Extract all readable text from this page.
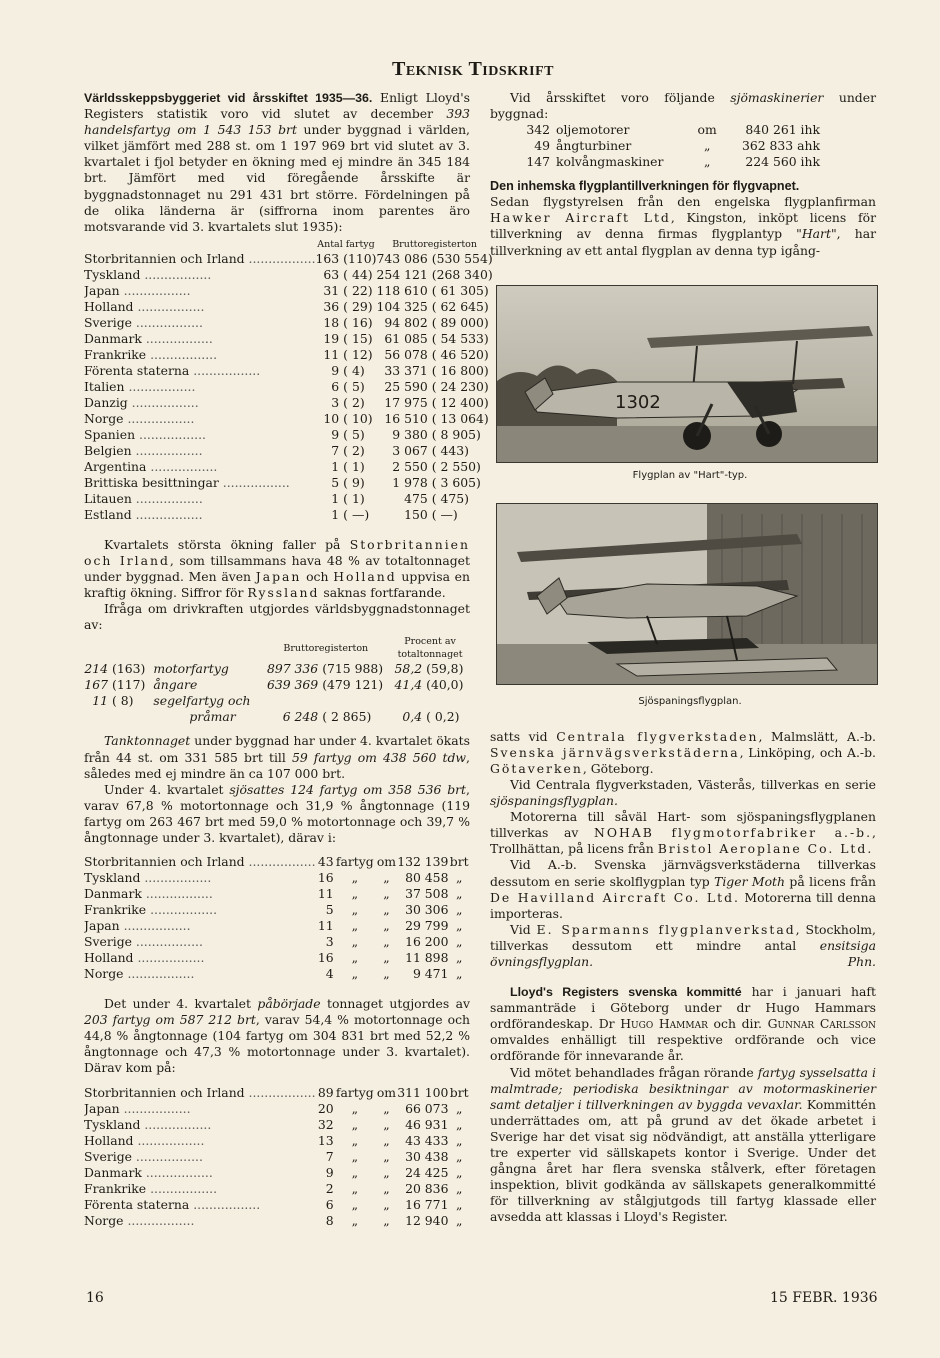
Teknisk Tidskrift

Världsskeppsbyggeriet vid årsskiftet 1935—36. Enligt Lloyd's Registers statistik voro vid slutet av december 393 handelsfartyg om 1 543 153 brt under byggnad i världen, vilket jämfört med 288 st. om 1 197 969 brt vid slutet av 3. kvartalet i fjol betyder en ökning med ej mindre än 345 184 brt. Jämfört med vid föregående årsskifte är byggnadstonnaget nu 291 431 brt större. Fördelningen på de olika länderna är (siffrorna inom parentes äro motsvarande vid 3. kvartalets slut 1935):

	Antal fartyg		Bruttoregisterton	
Storbritannien och Irland .................	163	(110)	743 086	(530 554)
Tyskland .................	63	( 44)	254 121	(268 340)
Japan .................	31	( 22)	118 610	( 61 305)
Holland .................	36	( 29)	104 325	( 62 645)
Sverige .................	18	( 16)	94 802	( 89 000)
Danmark .................	19	( 15)	61 085	( 54 533)
Frankrike .................	11	( 12)	56 078	( 46 520)
Förenta staterna .................	9	( 4)	33 371	( 16 800)
Italien .................	6	( 5)	25 590	( 24 230)
Danzig .................	3	( 2)	17 975	( 12 400)
Norge .................	10	( 10)	16 510	( 13 064)
Spanien .................	9	( 5)	9 380	( 8 905)
Belgien .................	7	( 2)	3 067	( 443)
Argentina .................	1	( 1)	2 550	( 2 550)
Brittiska besittningar .................	5	( 9)	1 978	( 3 605)
Litauen .................	1	( 1)	475	( 475)
Estland .................	1	( —)	150	( —)

Kvartalets största ökning faller på Storbritannien och Irland, som tillsammans hava 48 % av totaltonnaget under byggnad. Men även Japan och Holland uppvisa en kraftig ökning. Siffror för Ryssland saknas fortfarande.

Ifråga om drivkraften utgjordes världsbyggnadstonnaget av:

			Bruttoregisterton		Procent av totaltonnaget	
214	(163)	motorfartyg	897 336	(715 988)	58,2	(59,8)
167	(117)	ångare	639 369	(479 121)	41,4	(40,0)
11	( 8)	segelfartyg och				
		pråmar	6 248	( 2 865)	0,4	( 0,2)

Tanktonnaget under byggnad har under 4. kvartalet ökats från 44 st. om 331 585 brt till 59 fartyg om 438 560 tdw, således med ej mindre än ca 107 000 brt.

Under 4. kvartalet sjösattes 124 fartyg om 358 536 brt, varav 67,8 % motortonnage och 31,9 % ångtonnage (119 fartyg om 263 467 brt med 59,0 % motortonnage och 39,7 % ångtonnage under 3. kvartalet), därav i:

Storbritannien och Irland .................	43	fartyg	om	132 139	brt
Tyskland .................	16	„	„	80 458	„
Danmark .................	11	„	„	37 508	„
Frankrike .................	5	„	„	30 306	„
Japan .................	11	„	„	29 799	„
Sverige .................	3	„	„	16 200	„
Holland .................	16	„	„	11 898	„
Norge .................	4	„	„	9 471	„

Det under 4. kvartalet påbörjade tonnaget utgjordes av 203 fartyg om 587 212 brt, varav 54,4 % motortonnage och 44,8 % ångtonnage (104 fartyg om 304 831 brt med 52,2 % ångtonnage och 47,3 % motortonnage under 3. kvartalet). Därav kom på:

Storbritannien och Irland .................	89	fartyg	om	311 100	brt
Japan .................	20	„	„	66 073	„
Tyskland .................	32	„	„	46 931	„
Holland .................	13	„	„	43 433	„
Sverige .................	7	„	„	30 438	„
Danmark .................	9	„	„	24 425	„
Frankrike .................	2	„	„	20 836	„
Förenta staterna .................	6	„	„	16 771	„
Norge .................	8	„	„	12 940	„

Vid årsskiftet voro följande sjömaskinerier under byggnad:

342	oljemotorer	om	840 261 ihk
49	ångturbiner	„	362 833 ahk
147	kolvångmaskiner	„	224 560 ihk
Den inhemska flygplantillverkningen för flygvapnet.

Sedan flygstyrelsen från den engelska flygplanfirman Hawker Aircraft Ltd, Kingston, inköpt licens för tillverkning av denna firmas flygplantyp "Hart", har tillverkning av ett antal flygplan av denna typ igång-

satts vid Centrala flygverkstaden, Malmslätt, A.-b. Svenska järnvägsverkstäderna, Linköping, och A.-b. Götaverken, Göteborg.

Vid Centrala flygverkstaden, Västerås, tillverkas en serie sjöspaningsflygplan.

Motorerna till såväl Hart- som sjöspaningsflygplanen tillverkas av NOHAB flygmotorfabriker a.-b., Trollhättan, på licens från Bristol Aeroplane Co. Ltd.

Vid A.-b. Svenska järnvägsverkstäderna tillverkas dessutom en serie skolflygplan typ Tiger Moth på licens från De Havilland Aircraft Co. Ltd. Motorerna till denna importeras.

Vid E. Sparmanns flygplanverkstad, Stockholm, tillverkas dessutom ett mindre antal ensitsiga övningsflygplan.	Phn.

Lloyd's Registers svenska kommitté har i januari haft sammanträde i Göteborg under dr Hugo Hammars ordförandeskap. Dr Hugo Hammar och dir. Gunnar Carlsson omvaldes enhälligt till respektive ordförande och vice ordförande för innevarande år.

Vid mötet behandlades frågan rörande fartyg sysselsatta i malmtrade; periodiska besiktningar av motormaskinerier samt detaljer i tillverkningen av byggda vevaxlar. Kommittén underrättades om, att på grund av det ökade arbetet i Sverige har det visat sig nödvändigt, att anställa ytterligare tre experter vid sällskapets kontor i Sverige. Under det gångna året har flera svenska stålverk, efter företagen inspektion, blivit godkända av sällskapets generalkommitté för tillverkning av stålgjutgods till fartyg klassade eller avsedda att klassas i Lloyd's Register.

1302
Flygplan av "Hart"-typ.
Sjöspaningsflygplan.
16	15 FEBR. 1936
